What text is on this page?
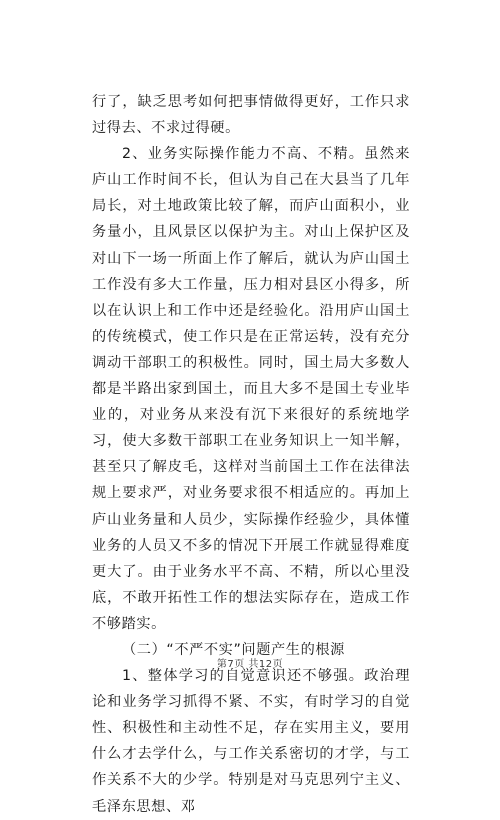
行了，缺乏思考如何把事情做得更好，工作只求过得去、不求过得硬。

2、业务实际操作能力不高、不精。虽然来庐山工作时间不长，但认为自己在大县当了几年局长，对土地政策比较了解，而庐山面积小，业务量小，且风景区以保护为主。对山上保护区及对山下一场一所面上作了解后，就认为庐山国土工作没有多大工作量，压力相对县区小得多，所以在认识上和工作中还是经验化。沿用庐山国土的传统模式，使工作只是在正常运转，没有充分调动干部职工的积极性。同时，国土局大多数人都是半路出家到国土，而且大多不是国土专业毕业的，对业务从来没有沉下来很好的系统地学习，使大多数干部职工在业务知识上一知半解，甚至只了解皮毛，这样对当前国土工作在法律法规上要求严，对业务要求很不相适应的。再加上庐山业务量和人员少，实际操作经验少，具体懂业务的人员又不多的情况下开展工作就显得难度更大了。由于业务水平不高、不精，所以心里没底，不敢开拓性工作的想法实际存在，造成工作不够踏实。

（二）“不严不实”问题产生的根源

1、整体学习的自觉意识还不够强。政治理论和业务学习抓得不紧、不实，有时学习的自觉性、积极性和主动性不足，存在实用主义，要用什么才去学什么，与工作关系密切的才学，与工作关系不大的少学。特别是对马克思列宁主义、毛泽东思想、邓

第7页 共12页
